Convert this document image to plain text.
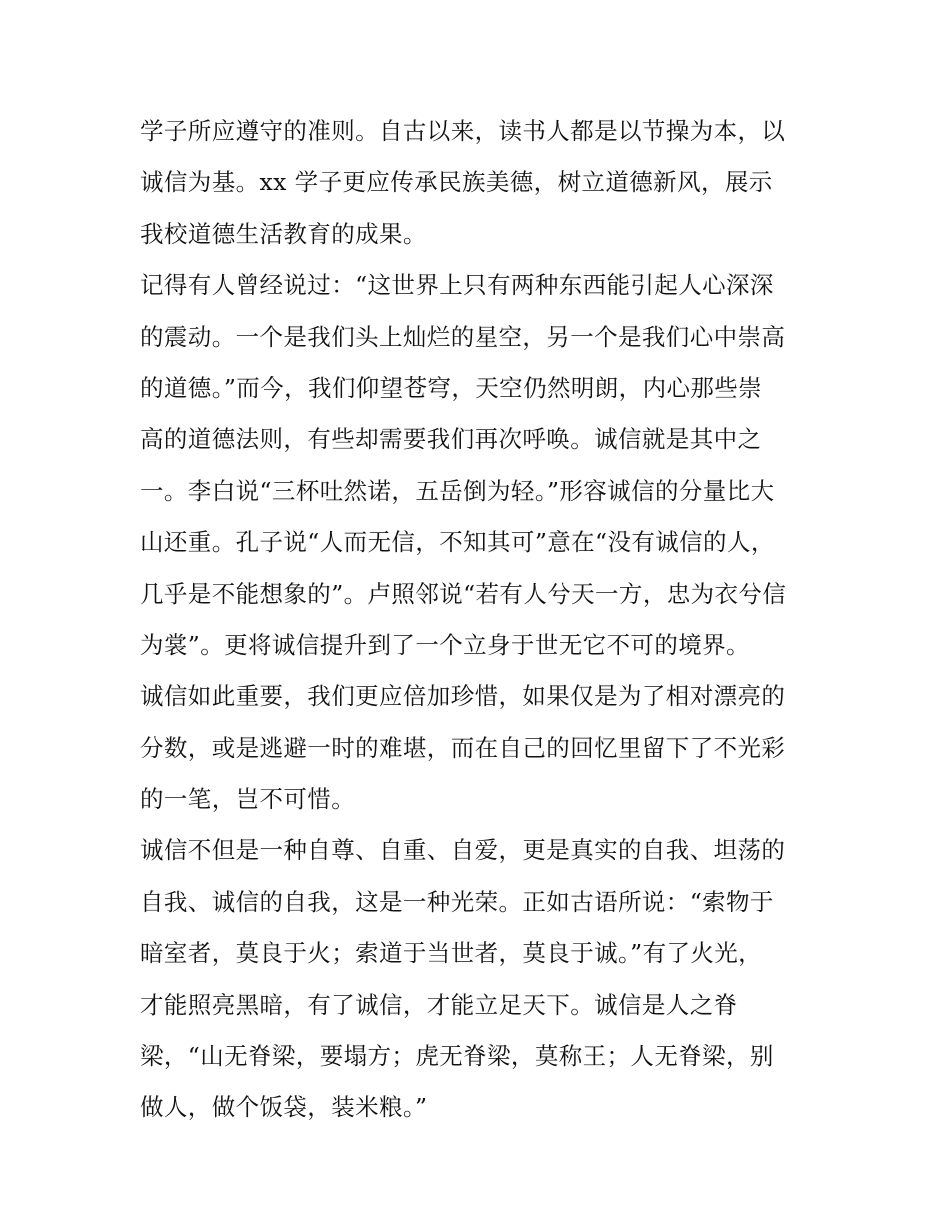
学子所应遵守的准则。自古以来，读书人都是以节操为本，以
诚信为基。xx 学子更应传承民族美德，树立道德新风，展示
我校道德生活教育的成果。
记得有人曾经说过：“这世界上只有两种东西能引起人心深深
的震动。一个是我们头上灿烂的星空，另一个是我们心中崇高
的道德。”而今，我们仰望苍穹，天空仍然明朗，内心那些崇
高的道德法则，有些却需要我们再次呼唤。诚信就是其中之
一。李白说“三杯吐然诺，五岳倒为轻。”形容诚信的分量比大
山还重。孔子说“人而无信，不知其可”意在“没有诚信的人，
几乎是不能想象的”。卢照邻说“若有人兮天一方，忠为衣兮信
为裳”。更将诚信提升到了一个立身于世无它不可的境界。
诚信如此重要，我们更应倍加珍惜，如果仅是为了相对漂亮的
分数，或是逃避一时的难堪，而在自己的回忆里留下了不光彩
的一笔，岂不可惜。
诚信不但是一种自尊、自重、自爱，更是真实的自我、坦荡的
自我、诚信的自我，这是一种光荣。正如古语所说：“索物于
暗室者，莫良于火；索道于当世者，莫良于诚。”有了火光，
才能照亮黑暗，有了诚信，才能立足天下。诚信是人之脊
梁，“山无脊梁，要塌方；虎无脊梁，莫称王；人无脊梁，别
做人，做个饭袋，装米粮。”
